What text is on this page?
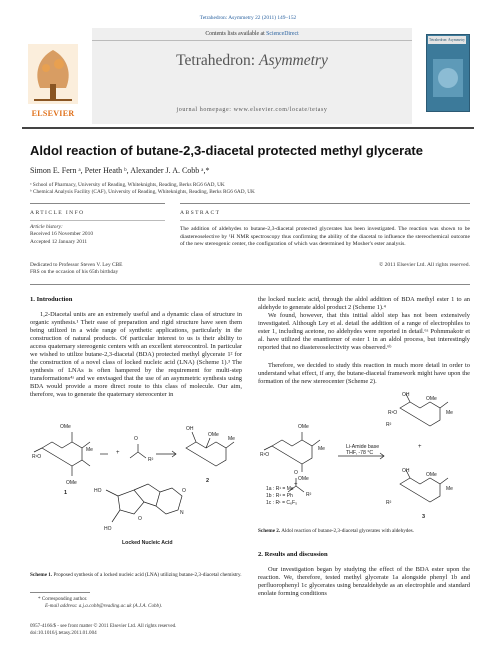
Tetrahedron: Asymmetry 22 (2011) 149–152
ELSEVIER
Contents lists available at ScienceDirect
Tetrahedron: Asymmetry
journal homepage: www.elsevier.com/locate/tetasy
Tetrahedron: Asymmetry
Aldol reaction of butane-2,3-diacetal protected methyl glycerate
Simon E. Fern ᵃ, Peter Heath ᵇ, Alexander J. A. Cobb ᵃ,*
ᵃ School of Pharmacy, University of Reading, Whiteknights, Reading, Berks RG6 6AD, UK
ᵇ Chemical Analysis Facility (CAF), University of Reading, Whiteknights, Reading, Berks RG6 6AD, UK
ARTICLE INFO
Article history:
Received 16 November 2010
Accepted 12 January 2011
Dedicated to Professor Steven V. Ley CBE
FRS on the occasion of his 65th birthday
ABSTRACT
The addition of aldehydes to butane-2,3-diacetal protected glycerates has been investigated. The reaction was shown to be diastereoselective by ¹H NMR spectroscopy thus confirming the ability of the diacetal to influence the stereochemical outcome of the new stereogenic center, the configuration of which was determined by Mosher's ester analysis.
© 2011 Elsevier Ltd. All rights reserved.
1. Introduction
1,2-Diacetal units are an extremely useful and a dynamic class of structure in organic synthesis.¹ Their ease of preparation and rigid structure have seen them being utilized in a wide range of synthetic applications, particularly in the construction of natural products. Of particular interest to us is their ability to access quaternary stereogenic centers with an excellent stereocontrol. In particular we wished to utilize butane-2,3-diacetal (BDA) protected methyl glycerate 1² for the construction of a novel class of locked nucleic acid (LNA) (Scheme 1).³ The synthesis of LNAs is often hampered by the requirement for multi-step transformations⁴ᵃ and we envisaged that the use of an asymmetric synthesis using BDA would provide a more direct route to this class of molecule. Our aim, therefore, was to generate the quaternary stereocenter in
OMe
Me
R¹O
OMe
O
R²
OH
OMe
Me
HO
HO
O
N
O
+
1
2
Locked Nucleic Acid
Scheme 1. Proposed synthesis of a locked nucleic acid (LNA) utilizing butane-2,3-diacetal chemistry.
* Corresponding author.
E-mail address: a.j.a.cobb@reading.ac.uk (A.J.A. Cobb).
0957-4166/$ - see front matter © 2011 Elsevier Ltd. All rights reserved.
doi:10.1016/j.tetasy.2011.01.004
the locked nucleic acid, through the aldol addition of BDA methyl ester 1 to an aldehyde to generate aldol product 2 (Scheme 1).⁴
We found, however, that this initial aldol step has not been extensively investigated. Although Ley et al. detail the addition of a range of electrophiles to ester 1, including acetone, no aldehydes were reported in detail.⁶ᵃ Pohmmakotr et al. have utilized the enantiomer of ester 1 in an aldol process, but interestingly reported that no diastereoselectivity was observed.⁶ᵇ
Therefore, we decided to study this reaction in much more detail in order to understand what effect, if any, the butane-diacetal framework might have upon the formation of the new stereocenter (Scheme 2).
OMe
Me
R¹O
OMe
O
R²
OH
OMe
Me
R²
R¹O
OH
OMe
Me
R²
+
Li-Amide base
THF, -78 °C
1a : R¹ = Me
1b : R¹ = Ph
1c : R¹ = C₆F₅
+
3
Scheme 2. Aldol reaction of butane-2,3-diacetal glycerates with aldehydes.
2. Results and discussion
Our investigation began by studying the effect of the BDA ester upon the reaction. We, therefore, tested methyl glycerate 1a alongside phenyl 1b and perfluorophenyl 1c glycerates using benzaldehyde as an electrophile and standard enolate forming conditions
